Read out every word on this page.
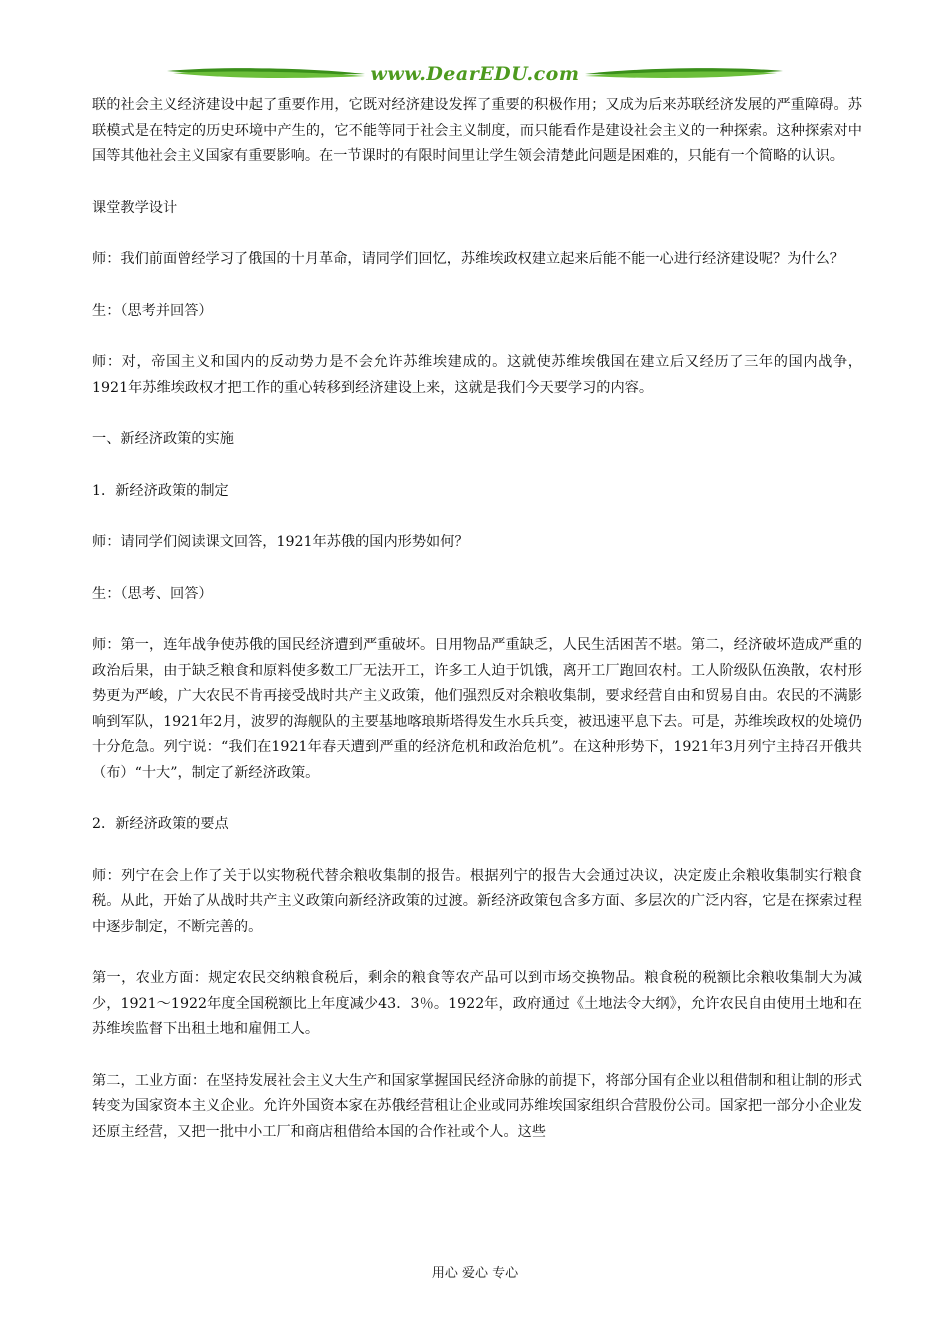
www.DearEDU.com

联的社会主义经济建设中起了重要作用，它既对经济建设发挥了重要的积极作用；又成为后来苏联经济发展的严重障碍。苏联模式是在特定的历史环境中产生的，它不能等同于社会主义制度，而只能看作是建设社会主义的一种探索。这种探索对中国等其他社会主义国家有重要影响。在一节课时的有限时间里让学生领会清楚此问题是困难的，只能有一个简略的认识。

课堂教学设计

师：我们前面曾经学习了俄国的十月革命，请同学们回忆，苏维埃政权建立起来后能不能一心进行经济建设呢？为什么？

生：（思考并回答）

师：对，帝国主义和国内的反动势力是不会允许苏维埃建成的。这就使苏维埃俄国在建立后又经历了三年的国内战争，1921年苏维埃政权才把工作的重心转移到经济建设上来，这就是我们今天要学习的内容。

一、新经济政策的实施

1．新经济政策的制定

师：请同学们阅读课文回答，1921年苏俄的国内形势如何？

生：（思考、回答）

师：第一，连年战争使苏俄的国民经济遭到严重破坏。日用物品严重缺乏，人民生活困苦不堪。第二，经济破坏造成严重的政治后果，由于缺乏粮食和原料使多数工厂无法开工，许多工人迫于饥饿，离开工厂跑回农村。工人阶级队伍涣散，农村形势更为严峻，广大农民不肯再接受战时共产主义政策，他们强烈反对余粮收集制，要求经营自由和贸易自由。农民的不满影响到军队，1921年2月，波罗的海舰队的主要基地喀琅斯塔得发生水兵兵变，被迅速平息下去。可是，苏维埃政权的处境仍十分危急。列宁说：“我们在1921年春天遭到严重的经济危机和政治危机”。在这种形势下，1921年3月列宁主持召开俄共（布）“十大”，制定了新经济政策。

2．新经济政策的要点

师：列宁在会上作了关于以实物税代替余粮收集制的报告。根据列宁的报告大会通过决议，决定废止余粮收集制实行粮食税。从此，开始了从战时共产主义政策向新经济政策的过渡。新经济政策包含多方面、多层次的广泛内容，它是在探索过程中逐步制定，不断完善的。

第一，农业方面：规定农民交纳粮食税后，剩余的粮食等农产品可以到市场交换物品。粮食税的税额比余粮收集制大为减少，1921～1922年度全国税额比上年度减少43．3％。1922年，政府通过《土地法令大纲》，允许农民自由使用土地和在苏维埃监督下出租土地和雇佣工人。

第二，工业方面：在坚持发展社会主义大生产和国家掌握国民经济命脉的前提下，将部分国有企业以租借制和租让制的形式转变为国家资本主义企业。允许外国资本家在苏俄经营租让企业或同苏维埃国家组织合营股份公司。国家把一部分小企业发还原主经营，又把一批中小工厂和商店租借给本国的合作社或个人。这些

用心 爱心 专心
